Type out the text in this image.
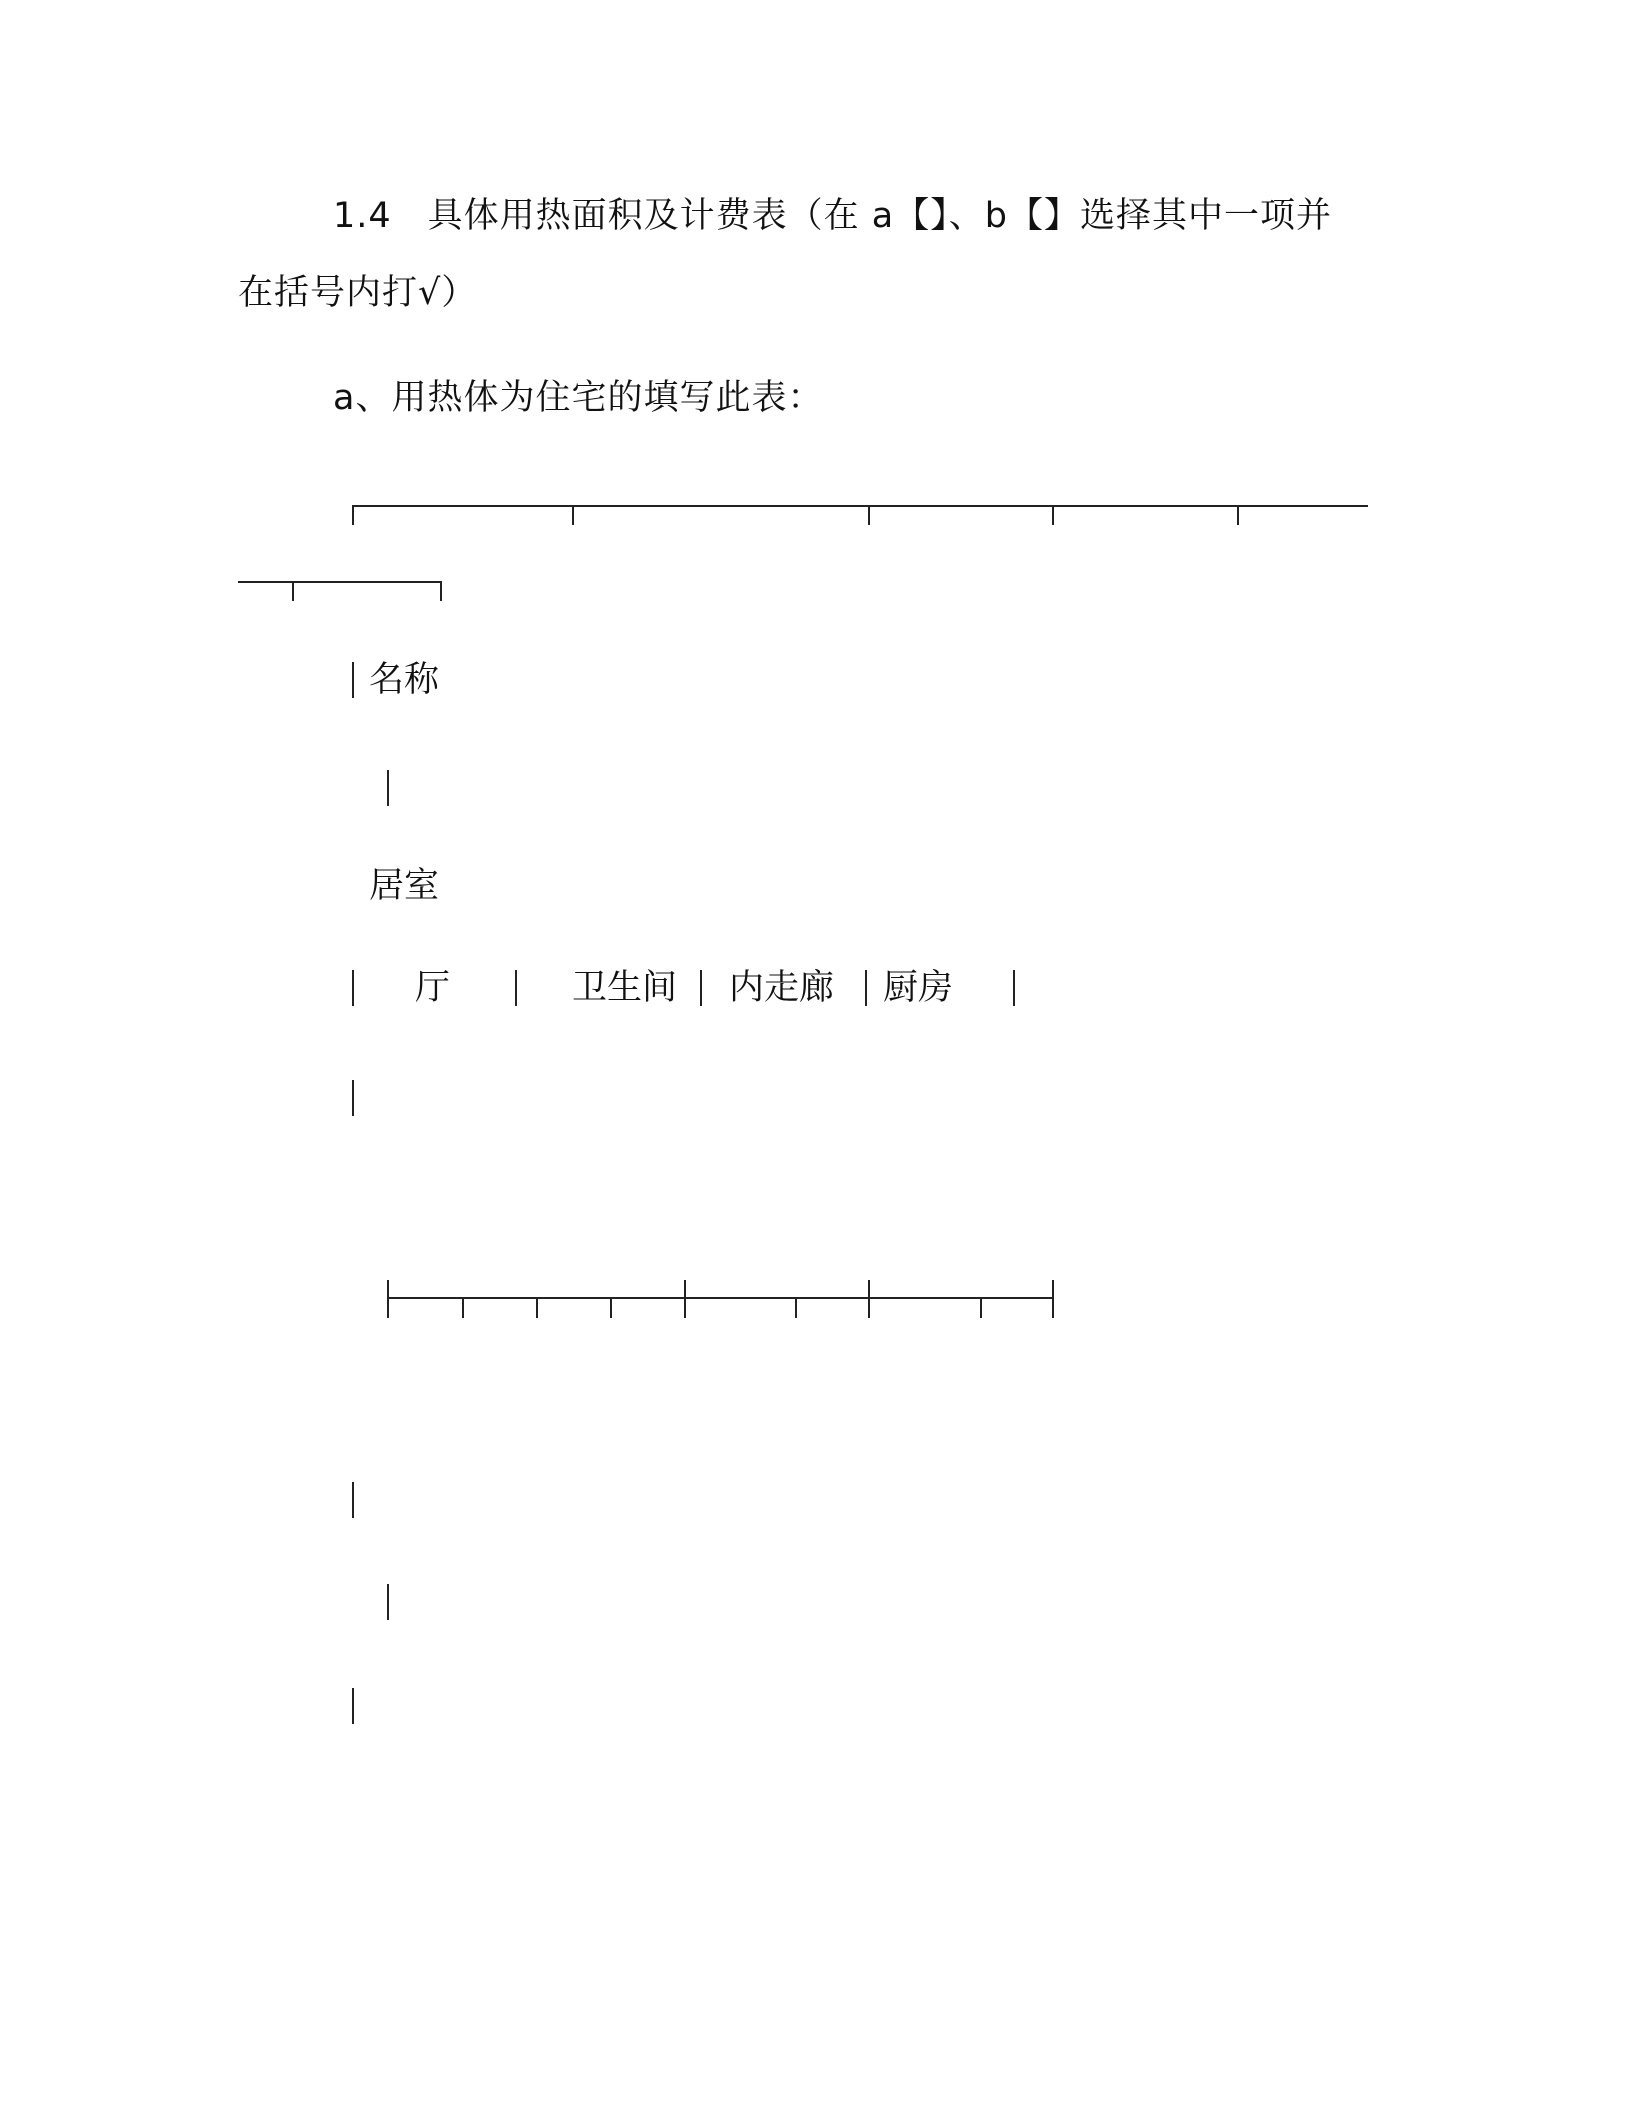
1.4　具体用热面积及计费表（在 a【】、b【】选择其中一项并
在括号内打√）
a、用热体为住宅的填写此表：
名称
居室
厅	卫生间 内走廊 厨房
